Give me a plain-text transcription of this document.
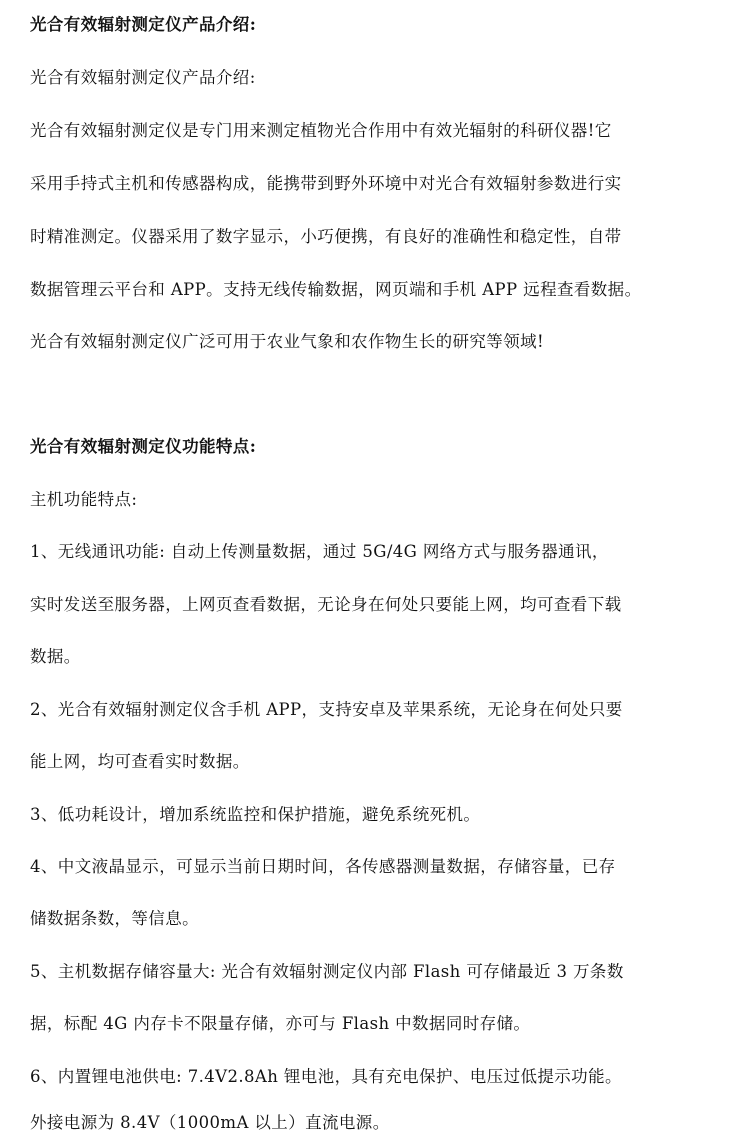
光合有效辐射测定仪产品介绍:
光合有效辐射测定仪产品介绍:
光合有效辐射测定仪是专门用来测定植物光合作用中有效光辐射的科研仪器!它
采用手持式主机和传感器构成，能携带到野外环境中对光合有效辐射参数进行实
时精准测定。仪器采用了数字显示，小巧便携，有良好的准确性和稳定性，自带
数据管理云平台和 APP。支持无线传输数据，网页端和手机 APP 远程查看数据。
光合有效辐射测定仪广泛可用于农业气象和农作物生长的研究等领域!
光合有效辐射测定仪功能特点:
主机功能特点:
1、无线通讯功能: 自动上传测量数据，通过 5G/4G 网络方式与服务器通讯，
实时发送至服务器，上网页查看数据，无论身在何处只要能上网，均可查看下载
数据。
2、光合有效辐射测定仪含手机 APP，支持安卓及苹果系统，无论身在何处只要
能上网，均可查看实时数据。
3、低功耗设计，增加系统监控和保护措施，避免系统死机。
4、中文液晶显示，可显示当前日期时间，各传感器测量数据，存储容量，已存
储数据条数，等信息。
5、主机数据存储容量大: 光合有效辐射测定仪内部 Flash 可存储最近 3 万条数
据，标配 4G 内存卡不限量存储，亦可与 Flash 中数据同时存储。
6、内置锂电池供电: 7.4V2.8Ah 锂电池，具有充电保护、电压过低提示功能。
外接电源为 8.4V（1000mA 以上）直流电源。
